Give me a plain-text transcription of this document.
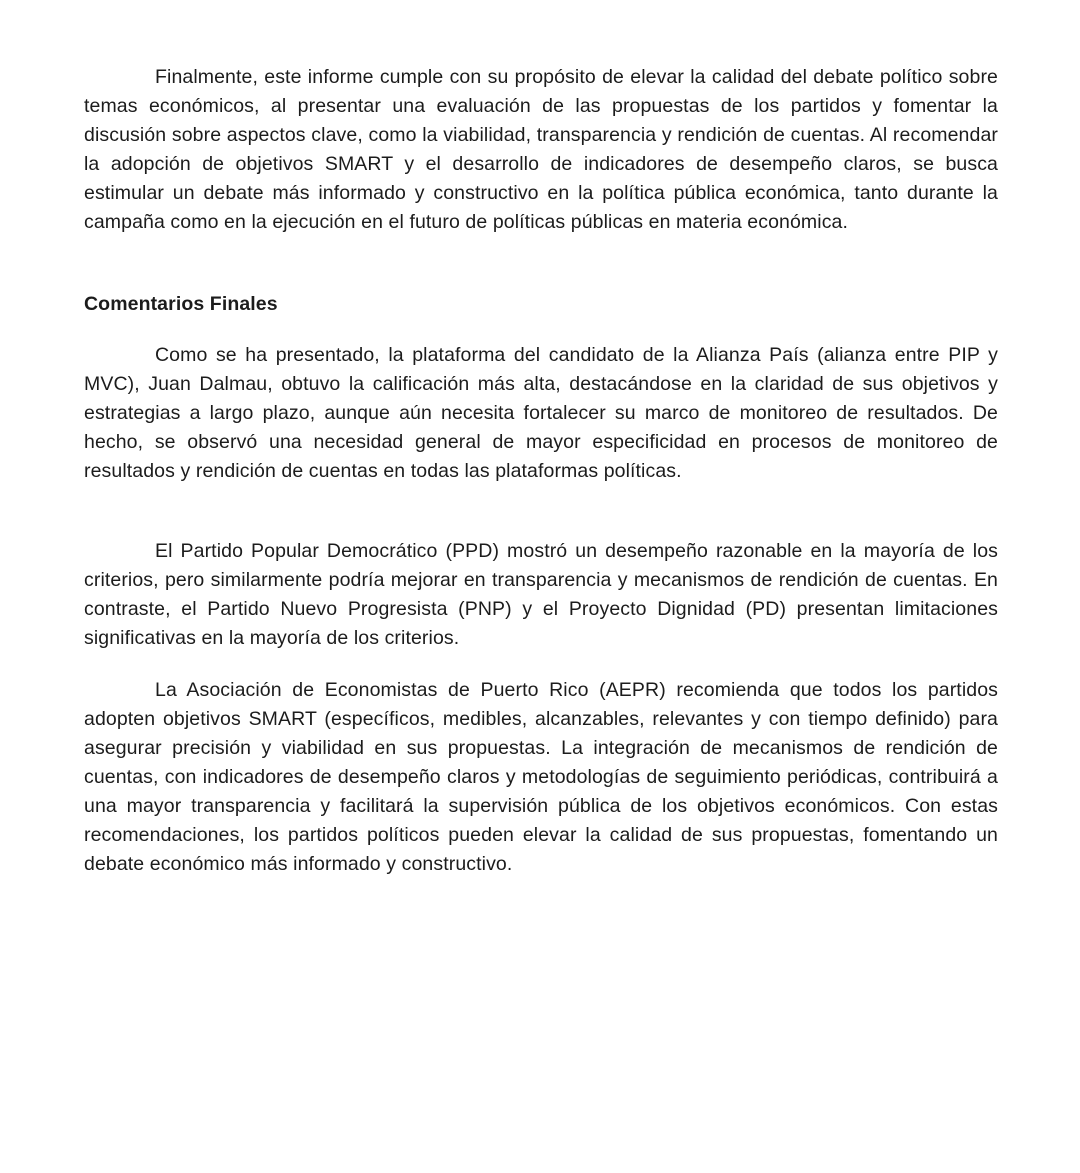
Finalmente, este informe cumple con su propósito de elevar la calidad del debate político sobre temas económicos, al presentar una evaluación de las propuestas de los partidos y fomentar la discusión sobre aspectos clave, como la viabilidad, transparencia y rendición de cuentas. Al recomendar la adopción de objetivos SMART y el desarrollo de indicadores de desempeño claros, se busca estimular un debate más informado y constructivo en la política pública económica, tanto durante la campaña como en la ejecución en el futuro de políticas públicas en materia económica.

Comentarios Finales

Como se ha presentado, la plataforma del candidato de la Alianza País (alianza entre PIP y MVC), Juan Dalmau, obtuvo la calificación más alta, destacándose en la claridad de sus objetivos y estrategias a largo plazo, aunque aún necesita fortalecer su marco de monitoreo de resultados. De hecho, se observó una necesidad general de mayor especificidad en procesos de monitoreo de resultados y rendición de cuentas en todas las plataformas políticas.

El Partido Popular Democrático (PPD) mostró un desempeño razonable en la mayoría de los criterios, pero similarmente podría mejorar en transparencia y mecanismos de rendición de cuentas. En contraste, el Partido Nuevo Progresista (PNP) y el Proyecto Dignidad (PD) presentan limitaciones significativas en la mayoría de los criterios.

La Asociación de Economistas de Puerto Rico (AEPR) recomienda que todos los partidos adopten objetivos SMART (específicos, medibles, alcanzables, relevantes y con tiempo definido) para asegurar precisión y viabilidad en sus propuestas. La integración de mecanismos de rendición de cuentas, con indicadores de desempeño claros y metodologías de seguimiento periódicas, contribuirá a una mayor transparencia y facilitará la supervisión pública de los objetivos económicos. Con estas recomendaciones, los partidos políticos pueden elevar la calidad de sus propuestas, fomentando un debate económico más informado y constructivo.
